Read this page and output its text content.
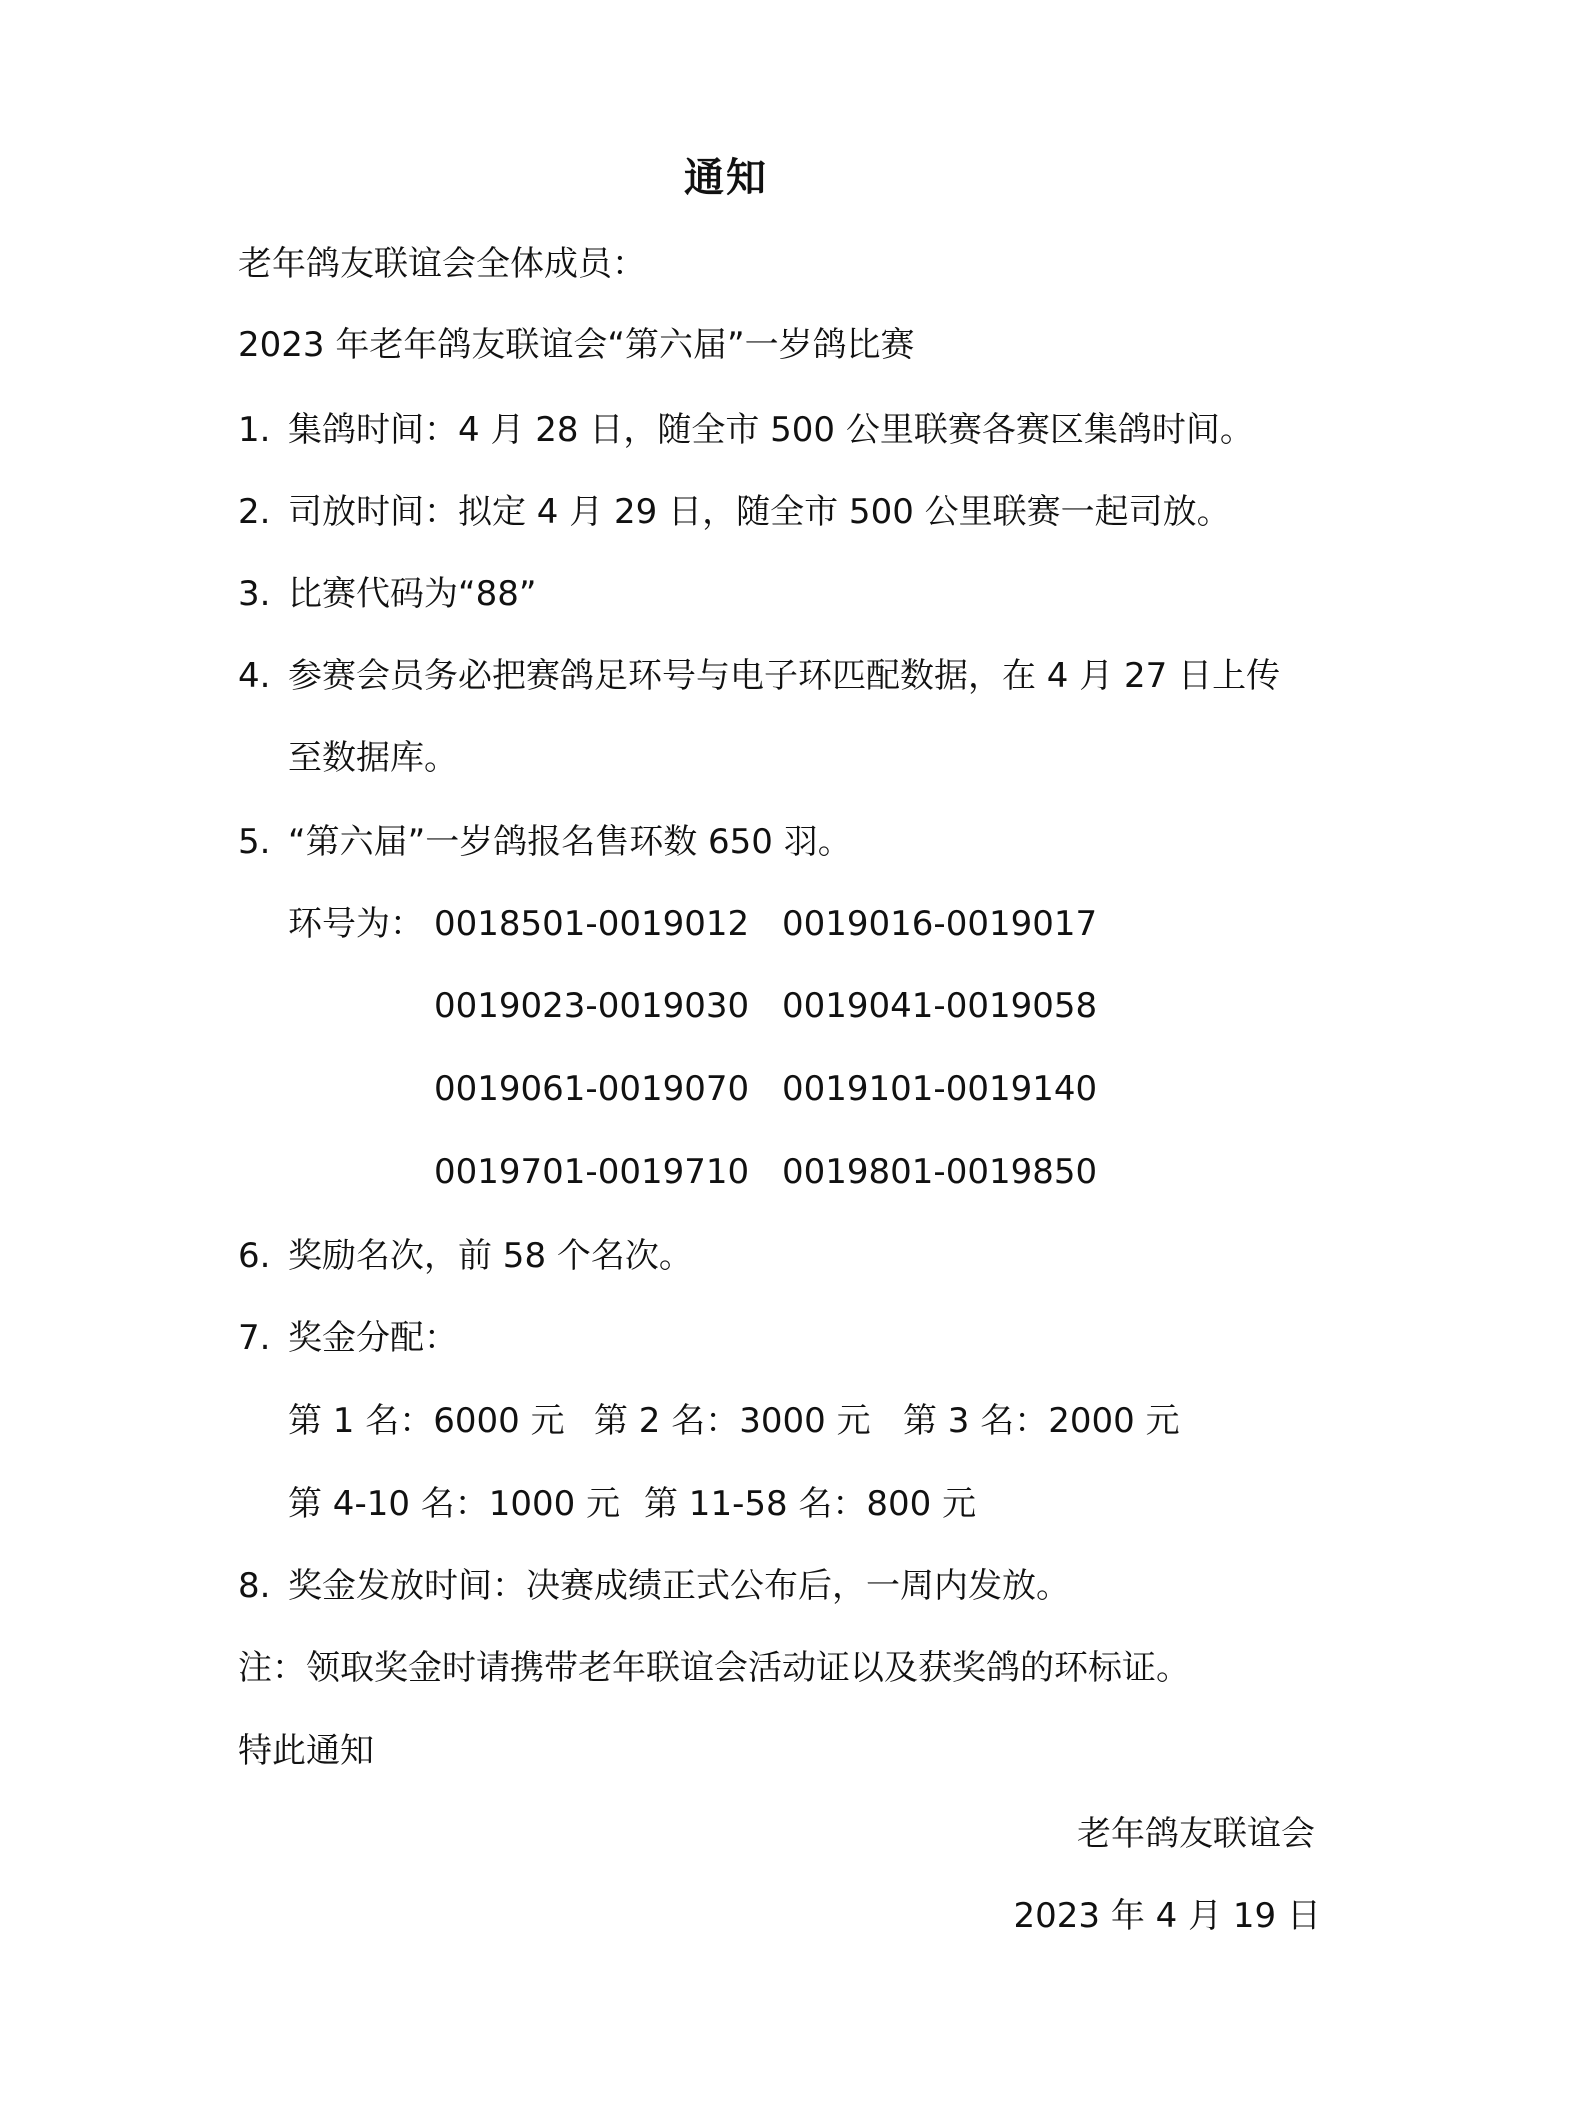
通知
老年鸽友联谊会全体成员：
2023 年老年鸽友联谊会“第六届”一岁鸽比赛
1. 集鸽时间：4 月 28 日，随全市 500 公里联赛各赛区集鸽时间。
2. 司放时间：拟定 4 月 29 日，随全市 500 公里联赛一起司放。
3. 比赛代码为“88”
4. 参赛会员务必把赛鸽足环号与电子环匹配数据，在 4 月 27 日上传
至数据库。
5. “第六届”一岁鸽报名售环数 650 羽。
环号为： 0018501-0019012 0019016-0019017
0019023-0019030 0019041-0019058
0019061-0019070 0019101-0019140
0019701-0019710 0019801-0019850
6. 奖励名次，前 58 个名次。
7. 奖金分配：
第 1 名：6000 元 第 2 名：3000 元 第 3 名：2000 元
第 4-10 名：1000 元 第 11-58 名：800 元
8. 奖金发放时间：决赛成绩正式公布后，一周内发放。
注：领取奖金时请携带老年联谊会活动证以及获奖鸽的环标证。
特此通知
老年鸽友联谊会
2023 年 4 月 19 日
